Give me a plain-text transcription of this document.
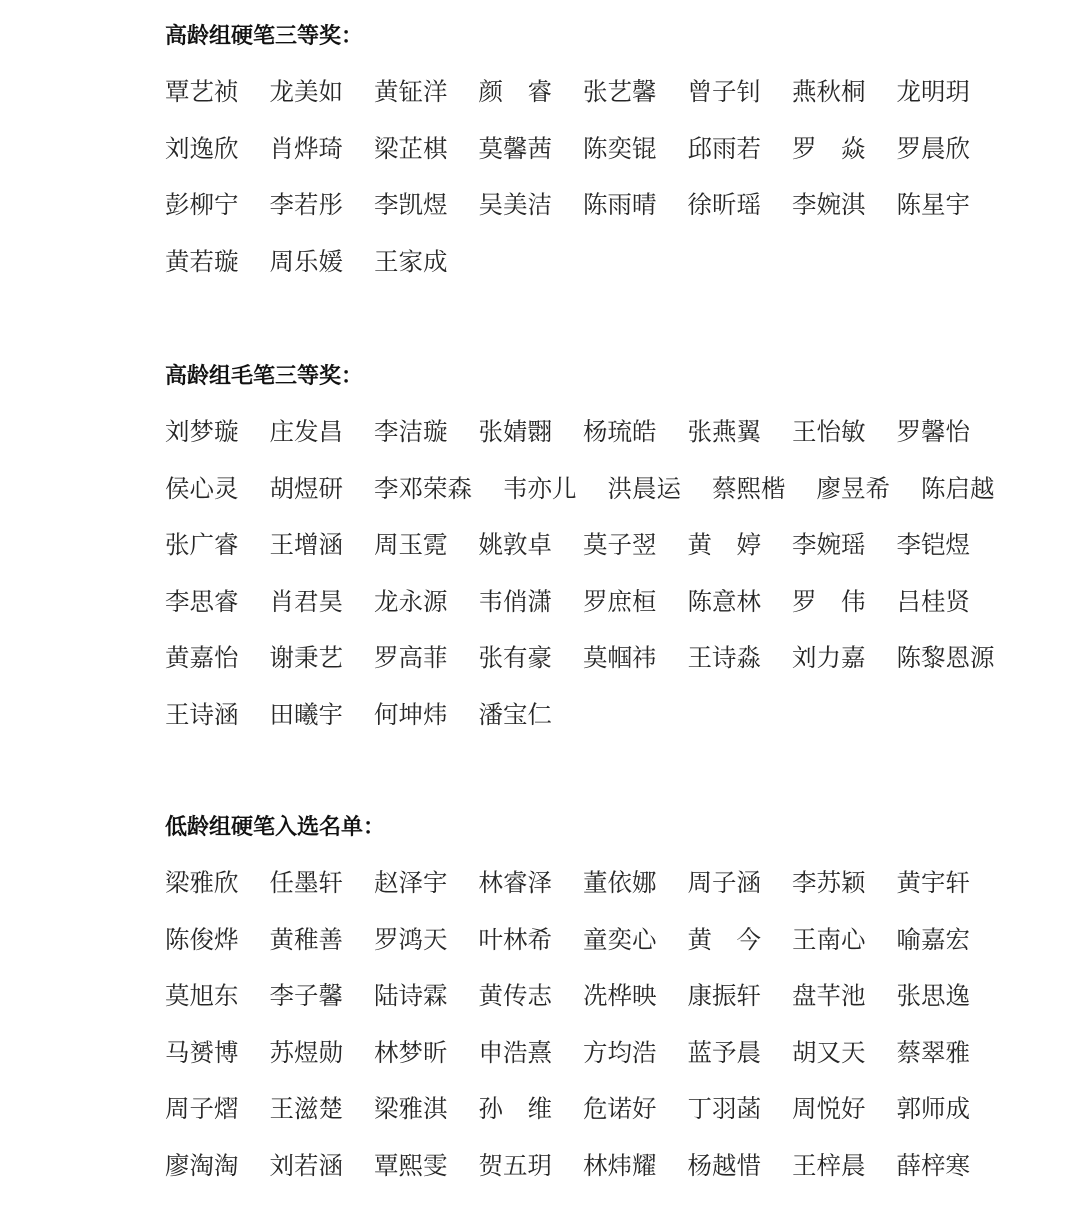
高龄组硬笔三等奖：
覃艺祯 龙美如 黄钲洋 颜　睿 张艺馨 曾子钊 燕秋桐 龙明玥
刘逸欣 肖烨琦 梁芷棋 莫馨茜 陈奕锟 邱雨若 罗　焱 罗晨欣
彭柳宁 李若彤 李凯煜 吴美洁 陈雨晴 徐昕瑶 李婉淇 陈星宇
黄若璇 周乐媛 王家成
高龄组毛笔三等奖：
刘梦璇 庄发昌 李洁璇 张婧翾 杨琉皓 张燕翼 王怡敏 罗馨怡
侯心灵 胡煜研 李邓荣森 韦亦儿 洪晨运 蔡熙楷 廖昱希 陈启越
张广睿 王增涵 周玉霓 姚敦卓 莫子翌 黄　婷 李婉瑶 李铠煜
李思睿 肖君昊 龙永源 韦俏潇 罗庶桓 陈意林 罗　伟 吕桂贤
黄嘉怡 谢秉艺 罗高菲 张有豪 莫帼祎 王诗淼 刘力嘉 陈黎恩源
王诗涵 田曦宇 何坤炜 潘宝仁
低龄组硬笔入选名单：
梁雅欣 任墨轩 赵泽宇 林睿泽 董依娜 周子涵 李苏颖 黄宇轩
陈俊烨 黄稚善 罗鸿天 叶林希 童奕心 黄　今 王南心 喻嘉宏
莫旭东 李子馨 陆诗霖 黄传志 冼桦映 康振轩 盘芊池 张思逸
马赟博 苏煜勋 林梦昕 申浩熹 方均浩 蓝予晨 胡又天 蔡翠雅
周子熠 王滋楚 梁雅淇 孙　维 危诺好 丁羽菡 周悦好 郭师成
廖淘淘 刘若涵 覃熙雯 贺五玥 林炜耀 杨越惜 王梓晨 薛梓寒
